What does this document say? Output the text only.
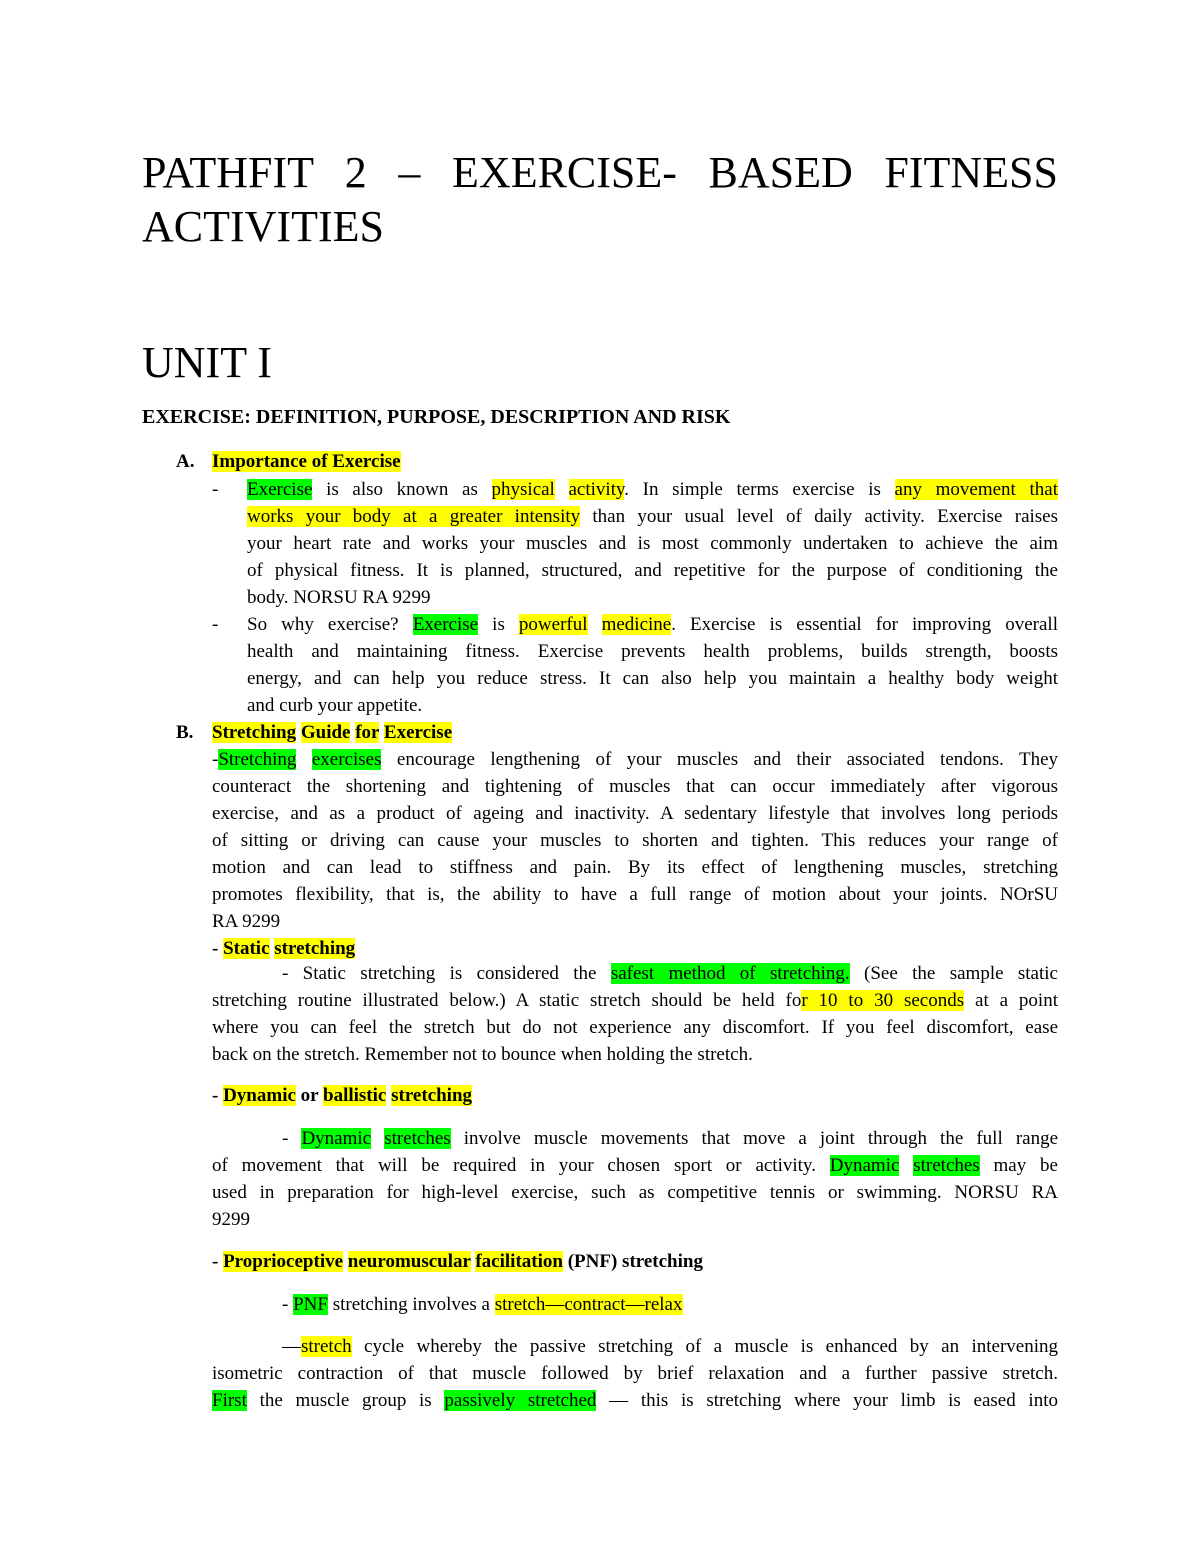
PATHFIT 2 – EXERCISE- BASED FITNESS
ACTIVITIES
UNIT I
EXERCISE: DEFINITION, PURPOSE, DESCRIPTION AND RISK
A. Importance of Exercise
- Exercise is also known as physical activity. In simple terms exercise is any movement that
works your body at a greater intensity than your usual level of daily activity. Exercise raises
your heart rate and works your muscles and is most commonly undertaken to achieve the aim
of physical fitness. It is planned, structured, and repetitive for the purpose of conditioning the
body. NORSU RA 9299
- So why exercise? Exercise is powerful medicine. Exercise is essential for improving overall
health and maintaining fitness. Exercise prevents health problems, builds strength, boosts
energy, and can help you reduce stress. It can also help you maintain a healthy body weight
and curb your appetite.
B. Stretching Guide for Exercise
-Stretching exercises encourage lengthening of your muscles and their associated tendons. They
counteract the shortening and tightening of muscles that can occur immediately after vigorous
exercise, and as a product of ageing and inactivity. A sedentary lifestyle that involves long periods
of sitting or driving can cause your muscles to shorten and tighten. This reduces your range of
motion and can lead to stiffness and pain. By its effect of lengthening muscles, stretching
promotes flexibility, that is, the ability to have a full range of motion about your joints. NOrSU
RA 9299
- Static stretching
- Static stretching is considered the safest method of stretching. (See the sample static
stretching routine illustrated below.) A static stretch should be held for 10 to 30 seconds at a point
where you can feel the stretch but do not experience any discomfort. If you feel discomfort, ease
back on the stretch. Remember not to bounce when holding the stretch.
- Dynamic or ballistic stretching
- Dynamic stretches involve muscle movements that move a joint through the full range
of movement that will be required in your chosen sport or activity. Dynamic stretches may be
used in preparation for high-level exercise, such as competitive tennis or swimming. NORSU RA
9299
- Proprioceptive neuromuscular facilitation (PNF) stretching
- PNF stretching involves a stretch—contract—relax
—stretch cycle whereby the passive stretching of a muscle is enhanced by an intervening
isometric contraction of that muscle followed by brief relaxation and a further passive stretch.
First the muscle group is passively stretched — this is stretching where your limb is eased into
